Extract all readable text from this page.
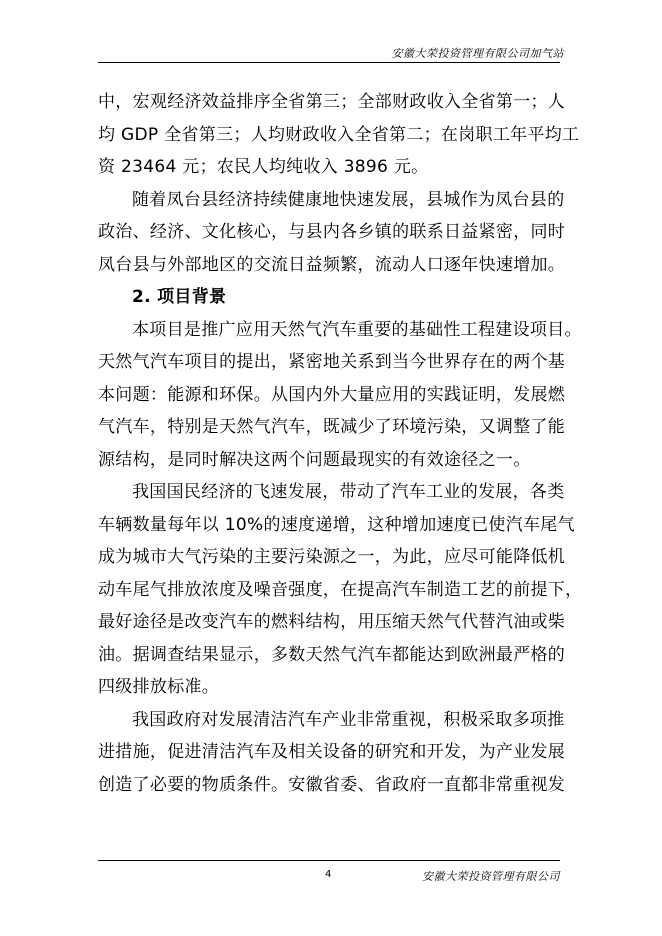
安徽大荣投资管理有限公司加气站
中，宏观经济效益排序全省第三；全部财政收入全省第一；人
均 GDP 全省第三；人均财政收入全省第二；在岗职工年平均工
资 23464 元；农民人均纯收入 3896 元。
随着凤台县经济持续健康地快速发展，县城作为凤台县的
政治、经济、文化核心，与县内各乡镇的联系日益紧密，同时
凤台县与外部地区的交流日益频繁，流动人口逐年快速增加。
2. 项目背景
本项目是推广应用天然气汽车重要的基础性工程建设项目。
天然气汽车项目的提出，紧密地关系到当今世界存在的两个基
本问题：能源和环保。从国内外大量应用的实践证明，发展燃
气汽车，特别是天然气汽车，既减少了环境污染，又调整了能
源结构，是同时解决这两个问题最现实的有效途径之一。
我国国民经济的飞速发展，带动了汽车工业的发展，各类
车辆数量每年以 10%的速度递增，这种增加速度已使汽车尾气
成为城市大气污染的主要污染源之一，为此，应尽可能降低机
动车尾气排放浓度及噪音强度，在提高汽车制造工艺的前提下，
最好途径是改变汽车的燃料结构，用压缩天然气代替汽油或柴
油。据调查结果显示，多数天然气汽车都能达到欧洲最严格的
四级排放标准。
我国政府对发展清洁汽车产业非常重视，积极采取多项推
进措施，促进清洁汽车及相关设备的研究和开发，为产业发展
创造了必要的物质条件。安徽省委、省政府一直都非常重视发
4	安徽大荣投资管理有限公司
